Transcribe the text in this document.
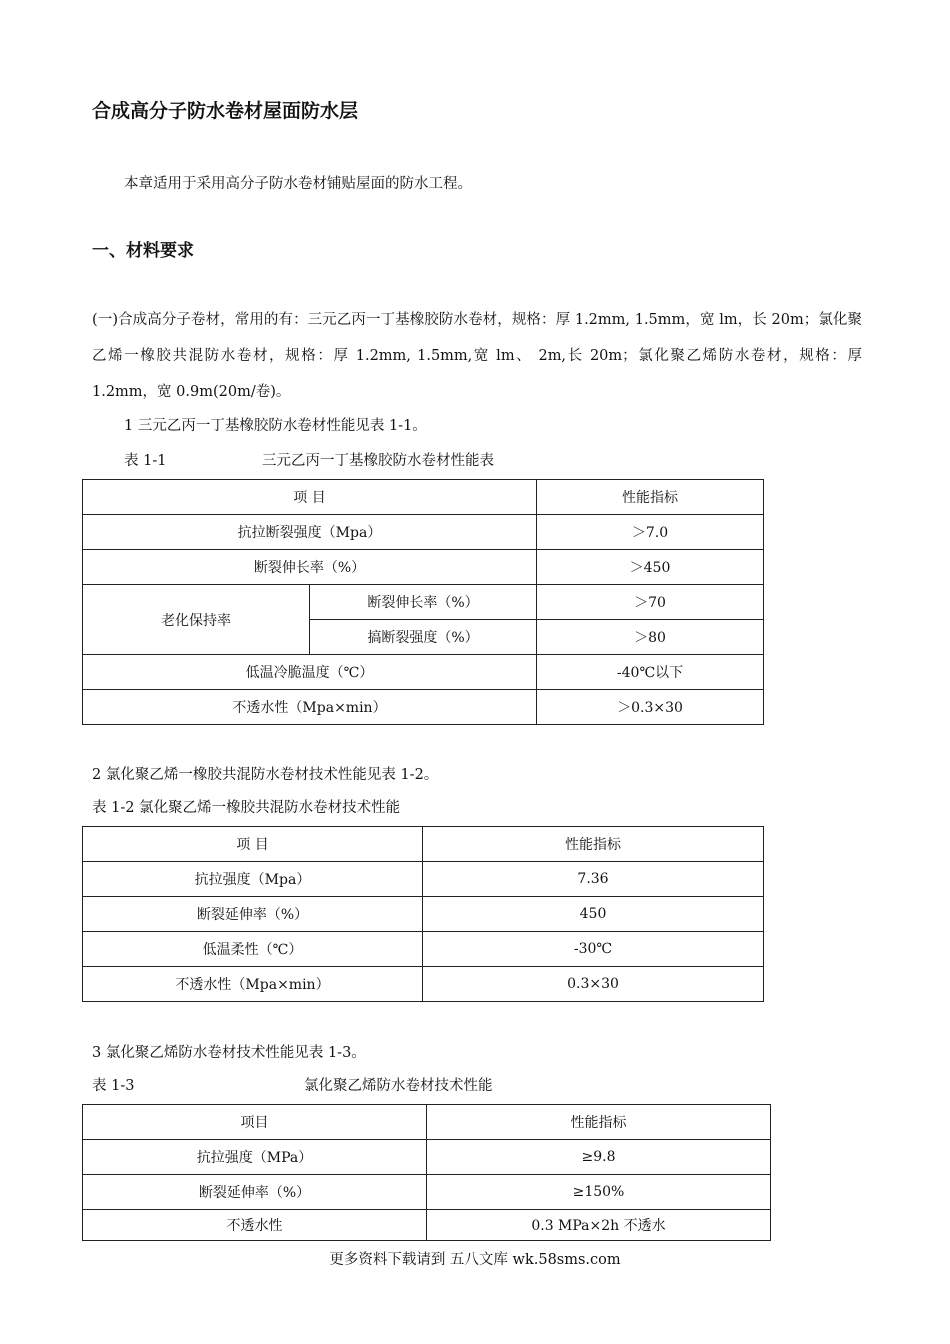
合成高分子防水卷材屋面防水层
本章适用于采用高分子防水卷材铺贴屋面的防水工程。
一、材料要求
(一)合成高分子卷材，常用的有：三元乙丙一丁基橡胶防水卷材，规格：厚 1.2mm, 1.5mm，宽 lm，长 20m；氯化聚乙烯一橡胶共混防水卷材，规格：厚 1.2mm, 1.5mm,宽 lm、 2m,长 20m；氯化聚乙烯防水卷材，规格：厚 1.2mm，宽 0.9m(20m/卷)。
1 三元乙丙一丁基橡胶防水卷材性能见表 1-1。
表 1-1	三元乙丙一丁基橡胶防水卷材性能表
项 目		性能指标
抗拉断裂强度（Mpa）		＞7.0
断裂伸长率（%）		＞450
老化保持率	断裂伸长率（%）	＞70
	搞断裂强度（%）	＞80
低温冷脆温度（℃）		-40℃以下
不透水性（Mpa×min）		＞0.3×30
2 氯化聚乙烯一橡胶共混防水卷材技术性能见表 1-2。
表 1-2 氯化聚乙烯一橡胶共混防水卷材技术性能
项 目	性能指标
抗拉强度（Mpa）	7.36
断裂延伸率（%）	450
低温柔性（℃）	-30℃
不透水性（Mpa×min）	0.3×30
3 氯化聚乙烯防水卷材技术性能见表 1-3。
表 1-3	氯化聚乙烯防水卷材技术性能
项目	性能指标
抗拉强度（MPa）	≥9.8
断裂延伸率（%）	≥150%
不透水性	0.3 MPa×2h 不透水
更多资料下载请到 五八文库 wk.58sms.com
